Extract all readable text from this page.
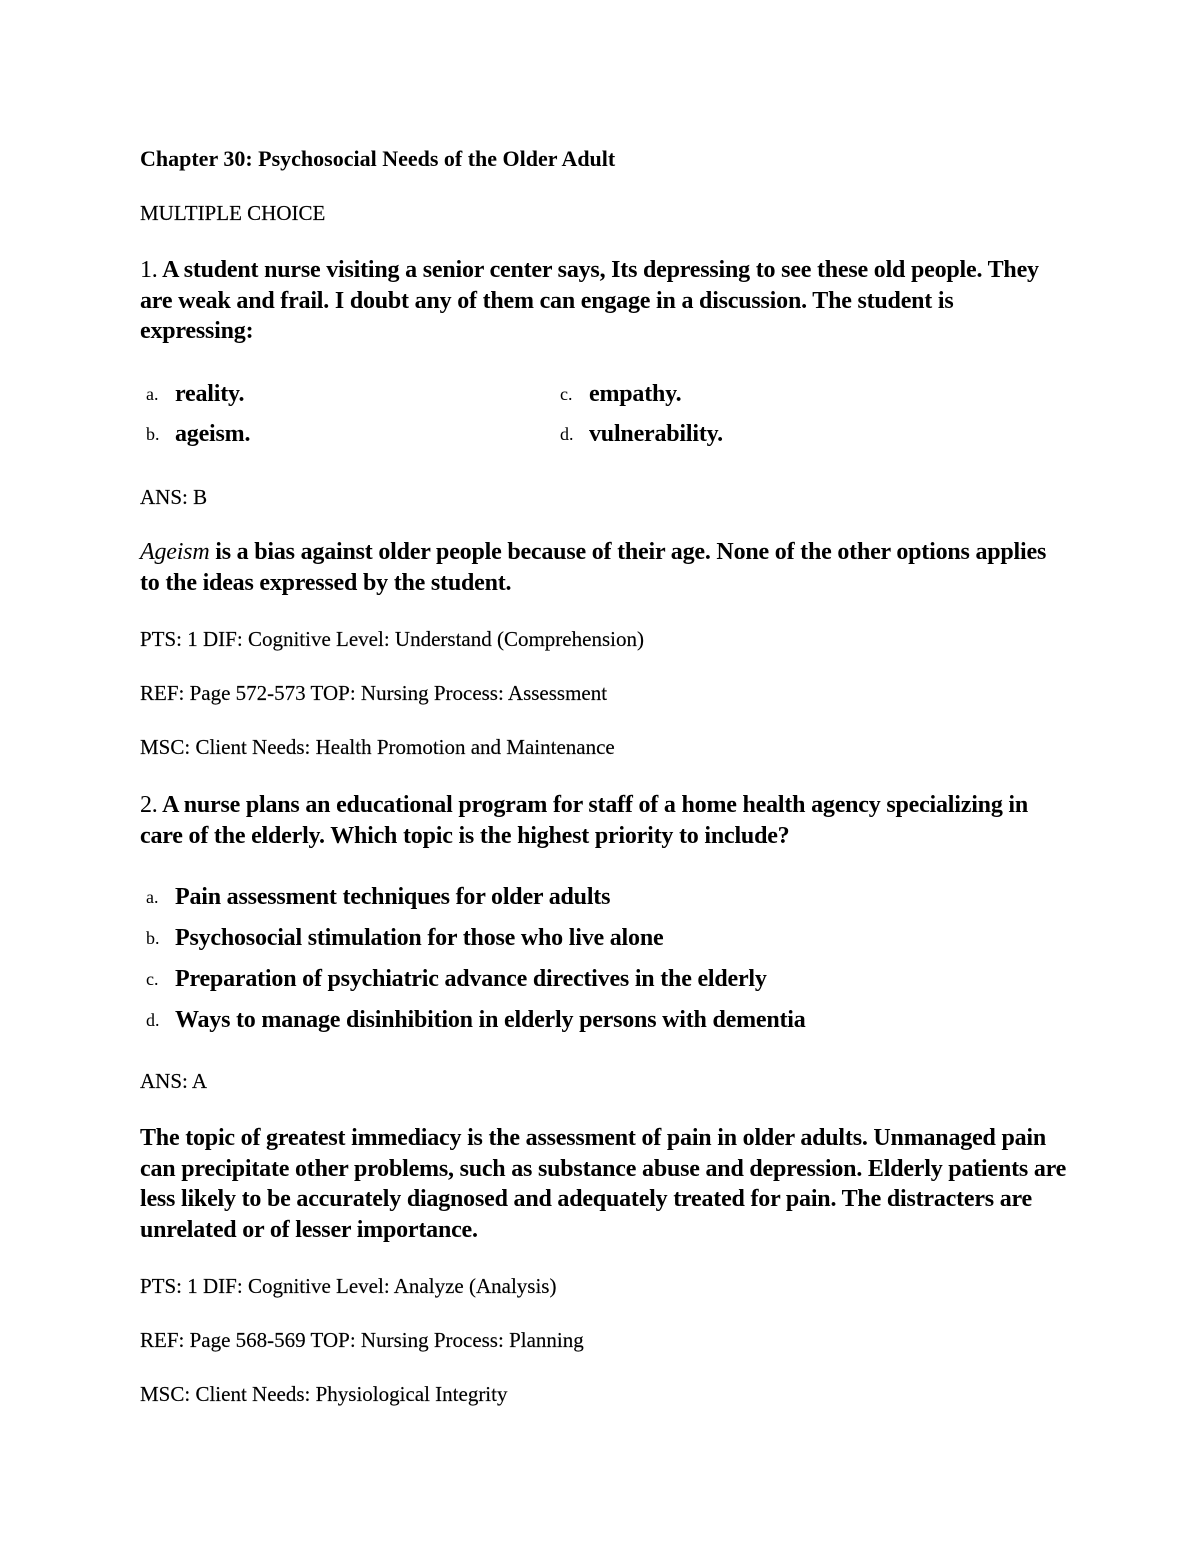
Chapter 30: Psychosocial Needs of the Older Adult
MULTIPLE CHOICE
1. A student nurse visiting a senior center says, Its depressing to see these old people. They are weak and frail. I doubt any of them can engage in a discussion. The student is expressing:
a. reality.
b. ageism.
c. empathy.
d. vulnerability.
ANS: B
Ageism is a bias against older people because of their age. None of the other options applies to the ideas expressed by the student.
PTS: 1 DIF: Cognitive Level: Understand (Comprehension)
REF: Page 572-573 TOP: Nursing Process: Assessment
MSC: Client Needs: Health Promotion and Maintenance
2. A nurse plans an educational program for staff of a home health agency specializing in care of the elderly. Which topic is the highest priority to include?
a. Pain assessment techniques for older adults
b. Psychosocial stimulation for those who live alone
c. Preparation of psychiatric advance directives in the elderly
d. Ways to manage disinhibition in elderly persons with dementia
ANS: A
The topic of greatest immediacy is the assessment of pain in older adults. Unmanaged pain can precipitate other problems, such as substance abuse and depression. Elderly patients are less likely to be accurately diagnosed and adequately treated for pain. The distracters are unrelated or of lesser importance.
PTS: 1 DIF: Cognitive Level: Analyze (Analysis)
REF: Page 568-569 TOP: Nursing Process: Planning
MSC: Client Needs: Physiological Integrity
